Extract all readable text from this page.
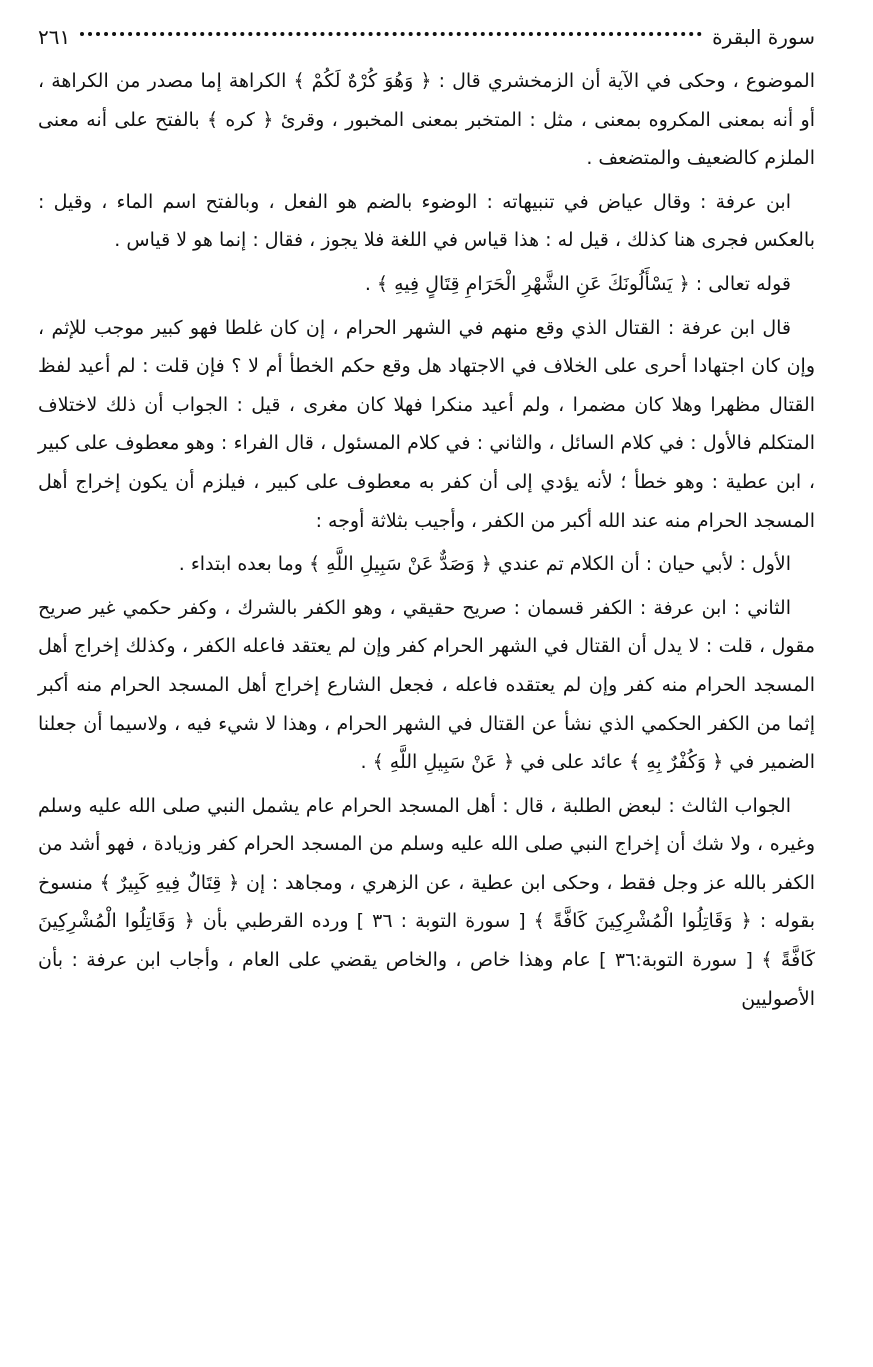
سورة البقرة
٢٦١

الموضوع ، وحكى في الآية أن الزمخشري قال : ﴿ وَهُوَ كُرْهٌ لَكُمْ ﴾ الكراهة إما مصدر من الكراهة ، أو أنه بمعنى المكروه بمعنى ، مثل : المتخبر بمعنى المخبور ، وقرئ ﴿ كره ﴾ بالفتح على أنه معنى الملزم كالضعيف والمتضعف .

ابن عرفة : وقال عياض في تنبيهاته : الوضوء بالضم هو الفعل ، وبالفتح اسم الماء ، وقيل : بالعكس فجرى هنا كذلك ، قيل له : هذا قياس في اللغة فلا يجوز ، فقال : إنما هو لا قياس .

قوله تعالى : ﴿ يَسْأَلُونَكَ عَنِ الشَّهْرِ الْحَرَامِ قِتَالٍ فِيهِ ﴾ .

قال ابن عرفة : القتال الذي وقع منهم في الشهر الحرام ، إن كان غلطا فهو كبير موجب للإثم ، وإن كان اجتهادا أحرى على الخلاف في الاجتهاد هل وقع حكم الخطأ أم لا ؟ فإن قلت : لم أعيد لفظ القتال مظهرا وهلا كان مضمرا ، ولم أعيد منكرا فهلا كان مغرى ، قيل : الجواب أن ذلك لاختلاف المتكلم فالأول : في كلام السائل ، والثاني : في كلام المسئول ، قال الفراء : وهو معطوف على كبير ، ابن عطية : وهو خطأ ؛ لأنه يؤدي إلى أن كفر به معطوف على كبير ، فيلزم أن يكون إخراج أهل المسجد الحرام منه عند الله أكبر من الكفر ، وأجيب بثلاثة أوجه :

الأول : لأبي حيان : أن الكلام تم عندي ﴿ وَصَدٌّ عَنْ سَبِيلِ اللَّهِ ﴾ وما بعده ابتداء .

الثاني : ابن عرفة : الكفر قسمان : صريح حقيقي ، وهو الكفر بالشرك ، وكفر حكمي غير صريح مقول ، قلت : لا يدل أن القتال في الشهر الحرام كفر وإن لم يعتقد فاعله الكفر ، وكذلك إخراج أهل المسجد الحرام منه كفر وإن لم يعتقده فاعله ، فجعل الشارع إخراج أهل المسجد الحرام منه أكبر إثما من الكفر الحكمي الذي نشأ عن القتال في الشهر الحرام ، وهذا لا شيء فيه ، ولاسيما أن جعلنا الضمير في ﴿ وَكُفْرٌ بِهِ ﴾ عائد على في ﴿ عَنْ سَبِيلِ اللَّهِ ﴾ .

الجواب الثالث : لبعض الطلبة ، قال : أهل المسجد الحرام عام يشمل النبي صلى الله عليه وسلم وغيره ، ولا شك أن إخراج النبي صلى الله عليه وسلم من المسجد الحرام كفر وزيادة ، فهو أشد من الكفر بالله عز وجل فقط ، وحكى ابن عطية ، عن الزهري ، ومجاهد : إن ﴿ قِتَالٌ فِيهِ كَبِيرٌ ﴾ منسوخ بقوله : ﴿ وَقَاتِلُوا الْمُشْرِكِينَ كَافَّةً ﴾ [ سورة التوبة : ٣٦ ] ورده القرطبي بأن ﴿ وَقَاتِلُوا الْمُشْرِكِينَ كَافَّةً ﴾ [ سورة التوبة:٣٦ ] عام وهذا خاص ، والخاص يقضي على العام ، وأجاب ابن عرفة : بأن الأصوليين
